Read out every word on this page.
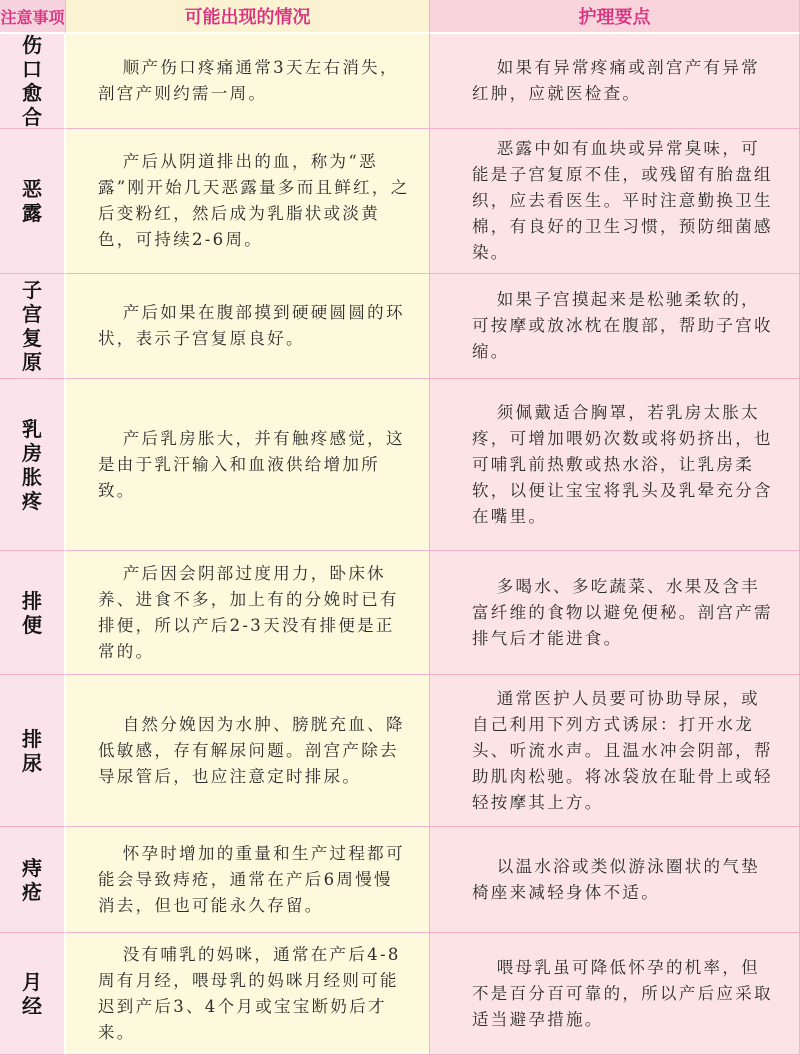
注意事项	可能出现的情况	护理要点
伤口愈合

顺产伤口疼痛通常3天左右消失，剖宫产则约需一周。

如果有异常疼痛或剖宫产有异常红肿，应就医检查。

恶露

产后从阴道排出的血，称为“恶露”刚开始几天恶露量多而且鲜红，之后变粉红，然后成为乳脂状或淡黄色，可持续2-6周。

恶露中如有血块或异常臭味，可能是子宫复原不佳，或残留有胎盘组织，应去看医生。平时注意勤换卫生棉，有良好的卫生习惯，预防细菌感染。

子宫复原

产后如果在腹部摸到硬硬圆圆的环状，表示子宫复原良好。

如果子宫摸起来是松驰柔软的，可按摩或放冰枕在腹部，帮助子宫收缩。

乳房胀疼

产后乳房胀大，并有触疼感觉，这是由于乳汗输入和血液供给增加所致。

须佩戴适合胸罩，若乳房太胀太疼，可增加喂奶次数或将奶挤出，也可哺乳前热敷或热水浴，让乳房柔软，以便让宝宝将乳头及乳晕充分含在嘴里。

排便

产后因会阴部过度用力，卧床休养、进食不多，加上有的分娩时已有排便，所以产后2-3天没有排便是正常的。

多喝水、多吃蔬菜、水果及含丰富纤维的食物以避免便秘。剖宫产需排气后才能进食。

排尿

自然分娩因为水肿、膀胱充血、降低敏感，存有解尿问题。剖宫产除去导尿管后，也应注意定时排尿。

通常医护人员要可协助导尿，或自己利用下列方式诱尿：打开水龙头、听流水声。且温水冲会阴部，帮助肌肉松驰。将冰袋放在耻骨上或轻轻按摩其上方。

痔疮

怀孕时增加的重量和生产过程都可能会导致痔疮，通常在产后6周慢慢消去，但也可能永久存留。

以温水浴或类似游泳圈状的气垫椅座来减轻身体不适。

月经

没有哺乳的妈咪，通常在产后4-8周有月经，喂母乳的妈咪月经则可能迟到产后3、4个月或宝宝断奶后才来。

喂母乳虽可降低怀孕的机率，但不是百分百可靠的，所以产后应采取适当避孕措施。
